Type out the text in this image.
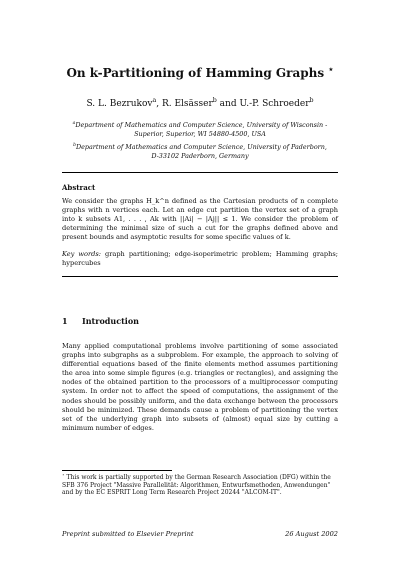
On k-Partitioning of Hamming Graphs ⋆
S. L. Bezrukov$^a$, R. Elsässer$^b$ and U.-P. Schroeder$^b$
$^a$Department of Mathematics and Computer Science, University of Wisconsin - Superior, Superior, WI 54880-4500, USA
$^b$Department of Mathematics and Computer Science, University of Paderborn, D-33102 Paderborn, Germany
Abstract
We consider the graphs H_k^n defined as the Cartesian products of n complete graphs with n vertices each. Let an edge cut partition the vertex set of a graph into k subsets A1, . . . , Ak with ||Ai| − |Aj|| ≤ 1. We consider the problem of determining the minimal size of such a cut for the graphs defined above and present bounds and asymptotic results for some specific values of k.
Key words: graph partitioning; edge-isoperimetric problem; Hamming graphs; hypercubes
1 Introduction
Many applied computational problems involve partitioning of some associated graphs into subgraphs as a subproblem. For example, the approach to solving of differential equations based of the finite elements method assumes partitioning the area into some simple figures (e.g. triangles or rectangles), and assigning the nodes of the obtained partition to the processors of a multiprocessor computing system. In order not to affect the speed of computations, the assignment of the nodes should be possibly uniform, and the data exchange between the processors should be minimized. These demands cause a problem of partitioning the vertex set of the underlying graph into subsets of (almost) equal size by cutting a minimum number of edges.
⋆ This work is partially supported by the German Research Association (DFG) within the SFB 376 Project "Massive Parallelität: Algorithmen, Entwurfsmethoden, Anwendungen" and by the EC ESPRIT Long Term Research Project 20244 "ALCOM-IT".
Preprint submitted to Elsevier Preprint	26 August 2002
